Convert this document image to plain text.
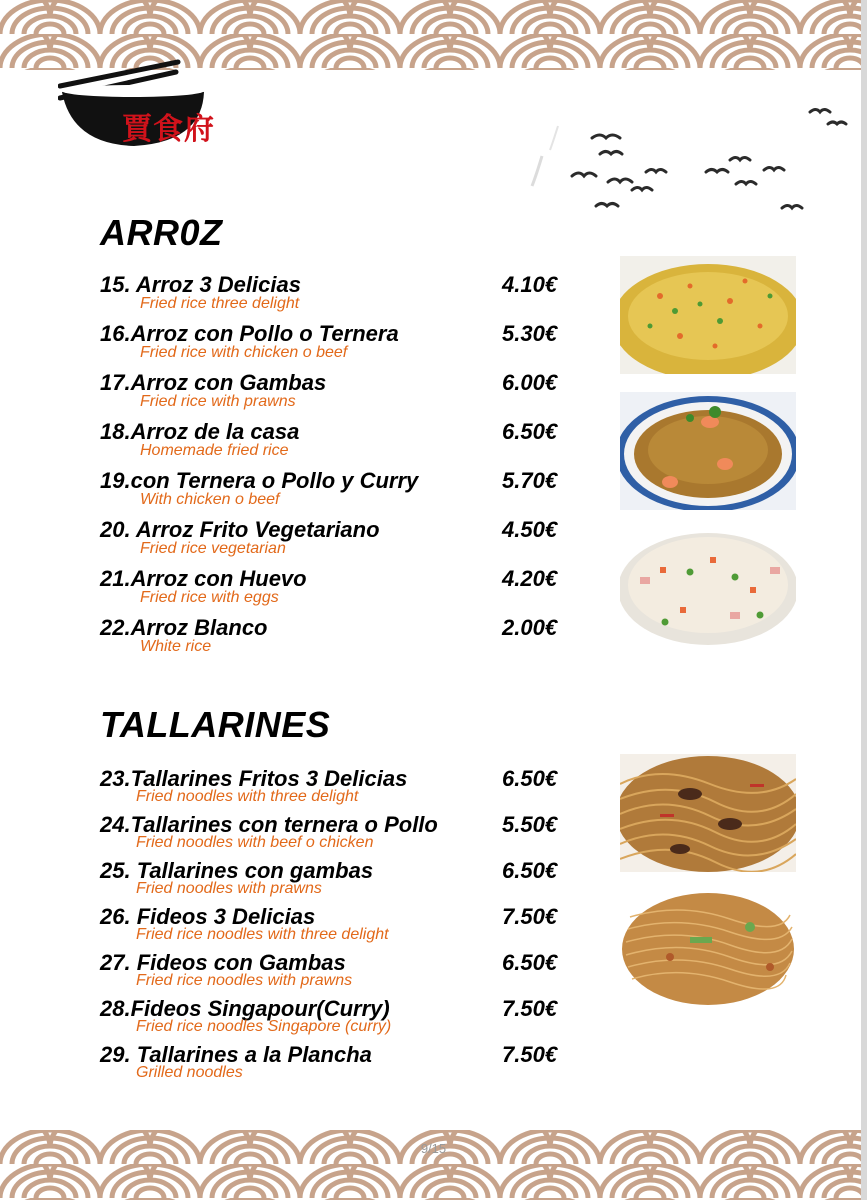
賈食府
ARR0Z
15. Arroz 3 Delicias	4.10€
Fried rice three delight
16.Arroz con Pollo o Ternera	5.30€
Fried rice with chicken o beef
17.Arroz con Gambas	6.00€
Fried rice with prawns
18.Arroz de la casa	6.50€
Homemade fried rice
19.con Ternera o Pollo y Curry	5.70€
With chicken o beef
20. Arroz Frito Vegetariano	4.50€
Fried rice vegetarian
21.Arroz con Huevo	4.20€
Fried rice with eggs
22.Arroz Blanco	2.00€
White rice
TALLARINES
23.Tallarines Fritos 3 Delicias	6.50€
Fried noodles with three delight
24.Tallarines con ternera o Pollo	5.50€
Fried noodles with beef o chicken
25. Tallarines con gambas	6.50€
Fried noodles with prawns
26. Fideos 3 Delicias	7.50€
Fried rice noodles with three delight
27. Fideos con Gambas	6.50€
Fried rice noodles with prawns
28.Fideos Singapour(Curry)	7.50€
Fried rice noodles Singapore (curry)
29. Tallarines a la Plancha	7.50€
Grilled noodles
9/15
